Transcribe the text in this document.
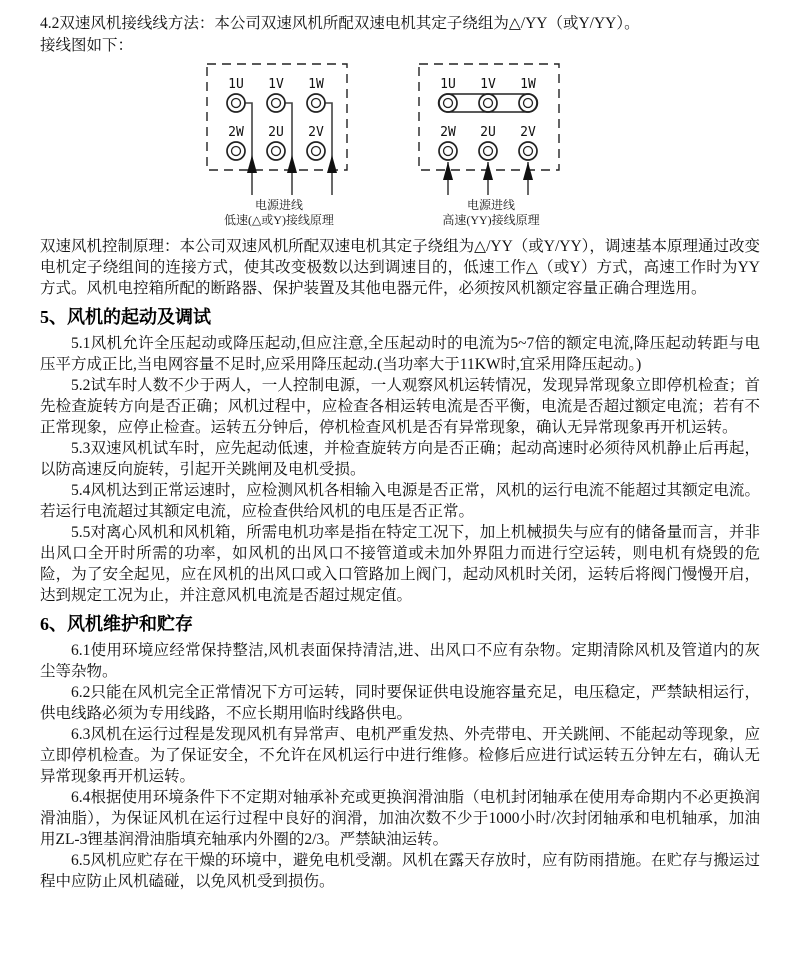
4.2双速风机接线线方法：本公司双速风机所配双速电机其定子绕组为△/YY（或Y/YY）。
接线图如下：

1U 1V 1W
2W 2U 2V
电源进线
低速(△或Y)接线原理
1U 1V 1W
2W 2U 2V
电源进线
高速(YY)接线原理

双速风机控制原理：本公司双速风机所配双速电机其定子绕组为△/YY（或Y/YY），调速基本原理通过改变电机定子绕组间的连接方式，使其改变极数以达到调速目的，低速工作△（或Y）方式，高速工作时为YY方式。风机电控箱所配的断路器、保护装置及其他电器元件，必须按风机额定容量正确合理选用。

5、风机的起动及调试

5.1风机允许全压起动或降压起动,但应注意,全压起动时的电流为5~7倍的额定电流,降压起动转距与电压平方成正比,当电网容量不足时,应采用降压起动.(当功率大于11KW时,宜采用降压起动。)

5.2试车时人数不少于两人，一人控制电源，一人观察风机运转情况，发现异常现象立即停机检查；首先检查旋转方向是否正确；风机过程中，应检查各相运转电流是否平衡，电流是否超过额定电流；若有不正常现象，应停止检查。运转五分钟后，停机检查风机是否有异常现象，确认无异常现象再开机运转。

5.3双速风机试车时，应先起动低速，并检查旋转方向是否正确；起动高速时必须待风机静止后再起，以防高速反向旋转，引起开关跳闸及电机受损。

5.4风机达到正常运速时，应检测风机各相输入电源是否正常，风机的运行电流不能超过其额定电流。若运行电流超过其额定电流，应检查供给风机的电压是否正常。

5.5对离心风机和风机箱，所需电机功率是指在特定工况下，加上机械损失与应有的储备量而言，并非出风口全开时所需的功率，如风机的出风口不接管道或未加外界阻力而进行空运转，则电机有烧毁的危险，为了安全起见，应在风机的出风口或入口管路加上阀门，起动风机时关闭，运转后将阀门慢慢开启，达到规定工况为止，并注意风机电流是否超过规定值。

6、风机维护和贮存

6.1使用环境应经常保持整洁,风机表面保持清洁,进、出风口不应有杂物。定期清除风机及管道内的灰尘等杂物。

6.2只能在风机完全正常情况下方可运转，同时要保证供电设施容量充足，电压稳定，严禁缺相运行，供电线路必须为专用线路，不应长期用临时线路供电。

6.3风机在运行过程是发现风机有异常声、电机严重发热、外壳带电、开关跳闸、不能起动等现象，应立即停机检查。为了保证安全，不允许在风机运行中进行维修。检修后应进行试运转五分钟左右，确认无异常现象再开机运转。

6.4根据使用环境条件下不定期对轴承补充或更换润滑油脂（电机封闭轴承在使用寿命期内不必更换润滑油脂），为保证风机在运行过程中良好的润滑，加油次数不少于1000小时/次封闭轴承和电机轴承，加油用ZL-3锂基润滑油脂填充轴承内外圈的2/3。严禁缺油运转。

6.5风机应贮存在干燥的环境中，避免电机受潮。风机在露天存放时，应有防雨措施。在贮存与搬运过程中应防止风机磕碰，以免风机受到损伤。
